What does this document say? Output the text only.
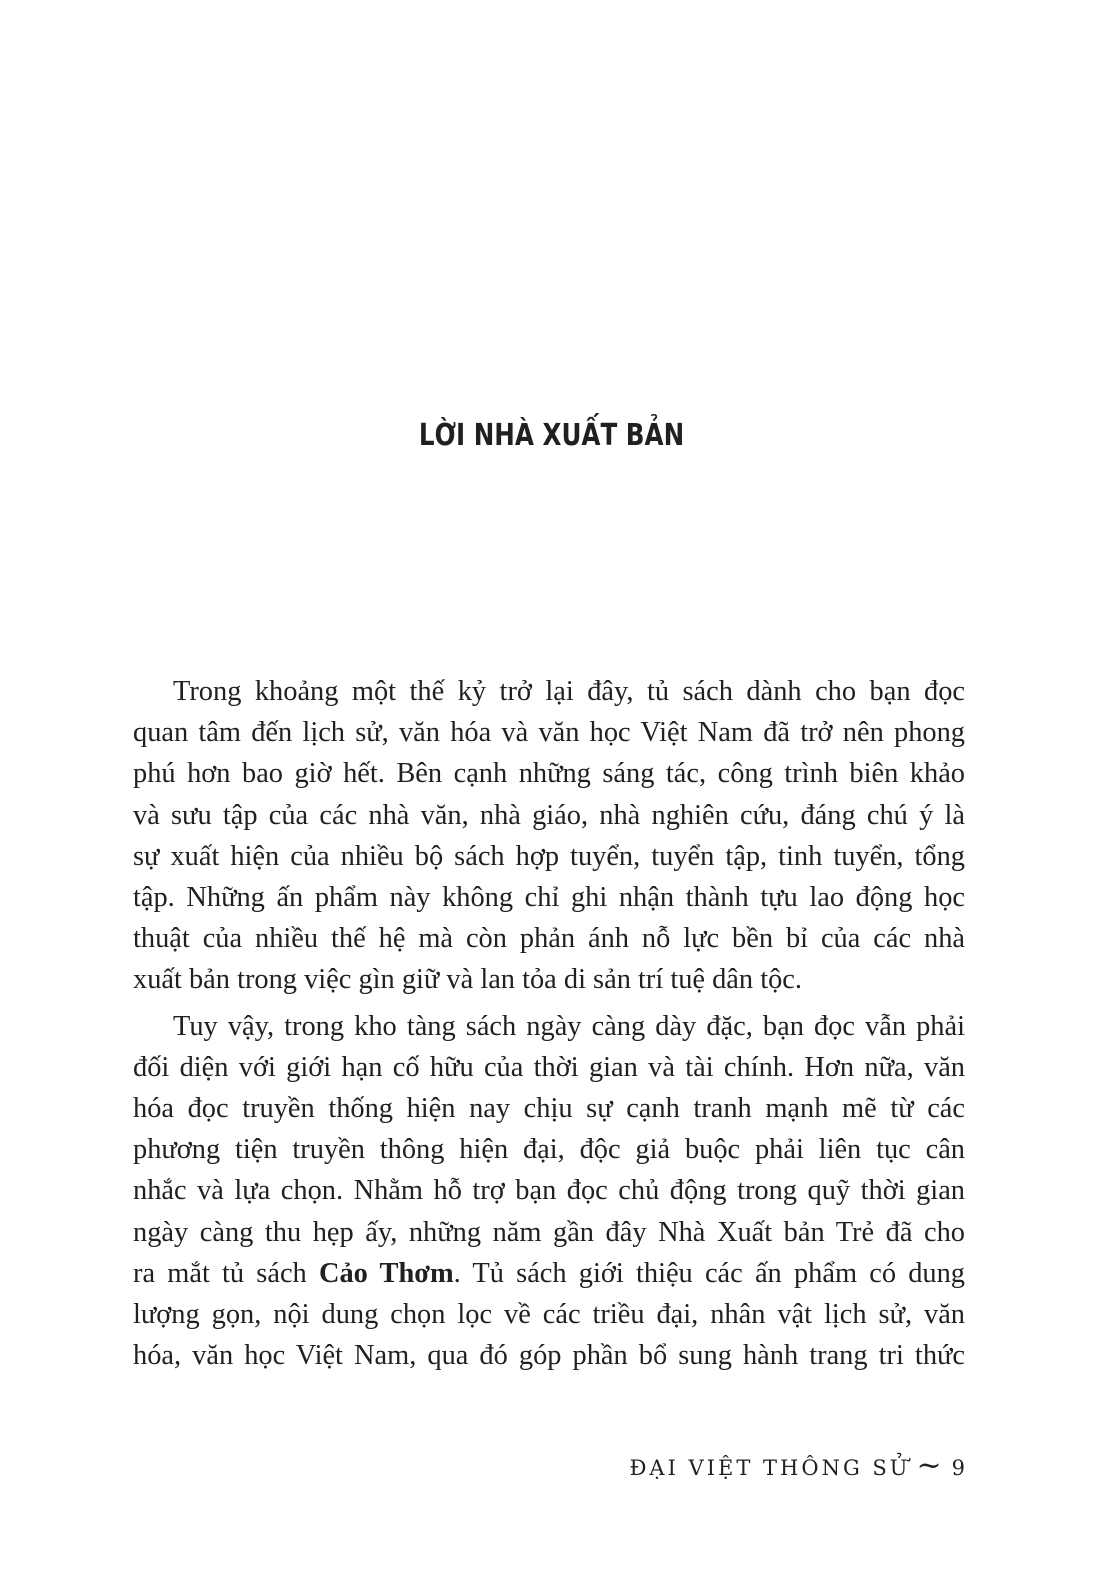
LỜI NHÀ XUẤT BẢN
Trong khoảng một thế kỷ trở lại đây, tủ sách dành cho bạn đọc
quan tâm đến lịch sử, văn hóa và văn học Việt Nam đã trở nên phong
phú hơn bao giờ hết. Bên cạnh những sáng tác, công trình biên khảo
và sưu tập của các nhà văn, nhà giáo, nhà nghiên cứu, đáng chú ý là
sự xuất hiện của nhiều bộ sách hợp tuyển, tuyển tập, tinh tuyển, tổng
tập. Những ấn phẩm này không chỉ ghi nhận thành tựu lao động học
thuật của nhiều thế hệ mà còn phản ánh nỗ lực bền bỉ của các nhà
xuất bản trong việc gìn giữ và lan tỏa di sản trí tuệ dân tộc.
Tuy vậy, trong kho tàng sách ngày càng dày đặc, bạn đọc vẫn phải
đối diện với giới hạn cố hữu của thời gian và tài chính. Hơn nữa, văn
hóa đọc truyền thống hiện nay chịu sự cạnh tranh mạnh mẽ từ các
phương tiện truyền thông hiện đại, độc giả buộc phải liên tục cân
nhắc và lựa chọn. Nhằm hỗ trợ bạn đọc chủ động trong quỹ thời gian
ngày càng thu hẹp ấy, những năm gần đây Nhà Xuất bản Trẻ đã cho
ra mắt tủ sách Cảo Thơm. Tủ sách giới thiệu các ấn phẩm có dung
lượng gọn, nội dung chọn lọc về các triều đại, nhân vật lịch sử, văn
hóa, văn học Việt Nam, qua đó góp phần bổ sung hành trang tri thức
ĐẠI VIỆT THÔNG SỬ ~ 9
